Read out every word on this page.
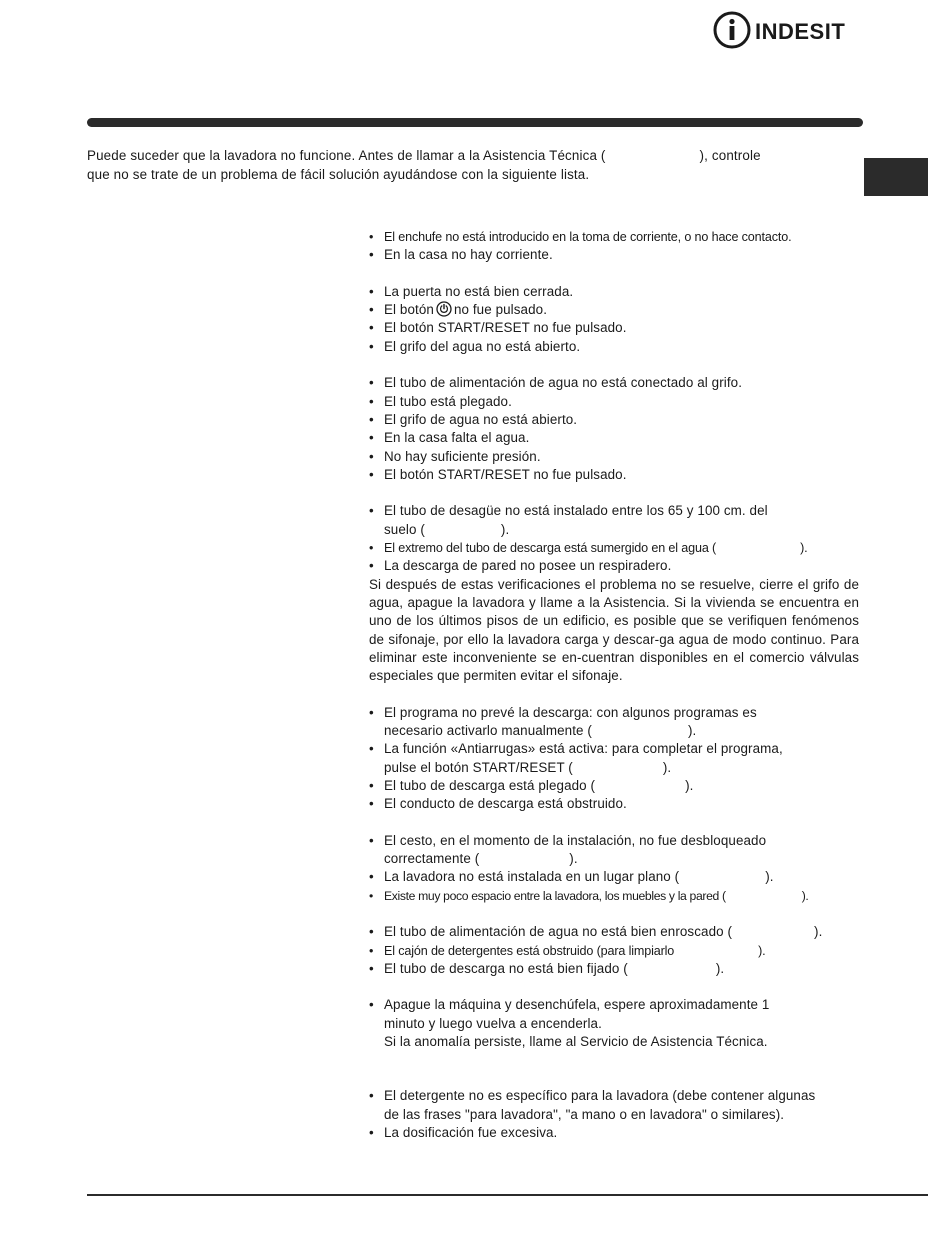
INDESIT

Puede suceder que la lavadora no funcione. Antes de llamar a la Asistencia Técnica (	), controle

que no se trate de un problema de fácil solución ayudándose con la siguiente lista.

• El enchufe no está introducido en la toma de corriente, o no hace contacto.

• En la casa no hay corriente.

• La puerta no está bien cerrada.

• El botón no fue pulsado.

• El botón START/RESET no fue pulsado.

• El grifo del agua no está abierto.

• El tubo de alimentación de agua no está conectado al grifo.

• El tubo está plegado.

• El grifo de agua no está abierto.

• En la casa falta el agua.

• No hay suficiente presión.

• El botón START/RESET no fue pulsado.

• El tubo de desagüe no está instalado entre los 65 y 100 cm. del
suelo (	).

• El extremo del tubo de descarga está sumergido en el agua (	).

• La descarga de pared no posee un respiradero.

Si después de estas verificaciones el problema no se resuelve, cierre el grifo de agua, apague la lavadora y llame a la Asistencia. Si la vivienda se encuentra en uno de los últimos pisos de un edificio, es posible que se verifiquen fenómenos de sifonaje, por ello la lavadora carga y descar-ga agua de modo continuo. Para eliminar este inconveniente se en-cuentran disponibles en el comercio válvulas especiales que permiten evitar el sifonaje.

• El programa no prevé la descarga: con algunos programas es
necesario activarlo manualmente (	).

• La función «Antiarrugas» está activa: para completar el programa,
pulse el botón START/RESET (	).

• El tubo de descarga está plegado (	).

• El conducto de descarga está obstruido.

• El cesto, en el momento de la instalación, no fue desbloqueado
correctamente (	).

• La lavadora no está instalada en un lugar plano (	).

• Existe muy poco espacio entre la lavadora, los muebles y la pared (	).

• El tubo de alimentación de agua no está bien enroscado (	).

• El cajón de detergentes está obstruido (para limpiarlo	).

• El tubo de descarga no está bien fijado (	).

• Apague la máquina y desenchúfela, espere aproximadamente 1
minuto y luego vuelva a encenderla.
Si la anomalía persiste, llame al Servicio de Asistencia Técnica.

• El detergente no es específico para la lavadora (debe contener algunas
de las frases "para lavadora", "a mano o en lavadora" o similares).

• La dosificación fue excesiva.
